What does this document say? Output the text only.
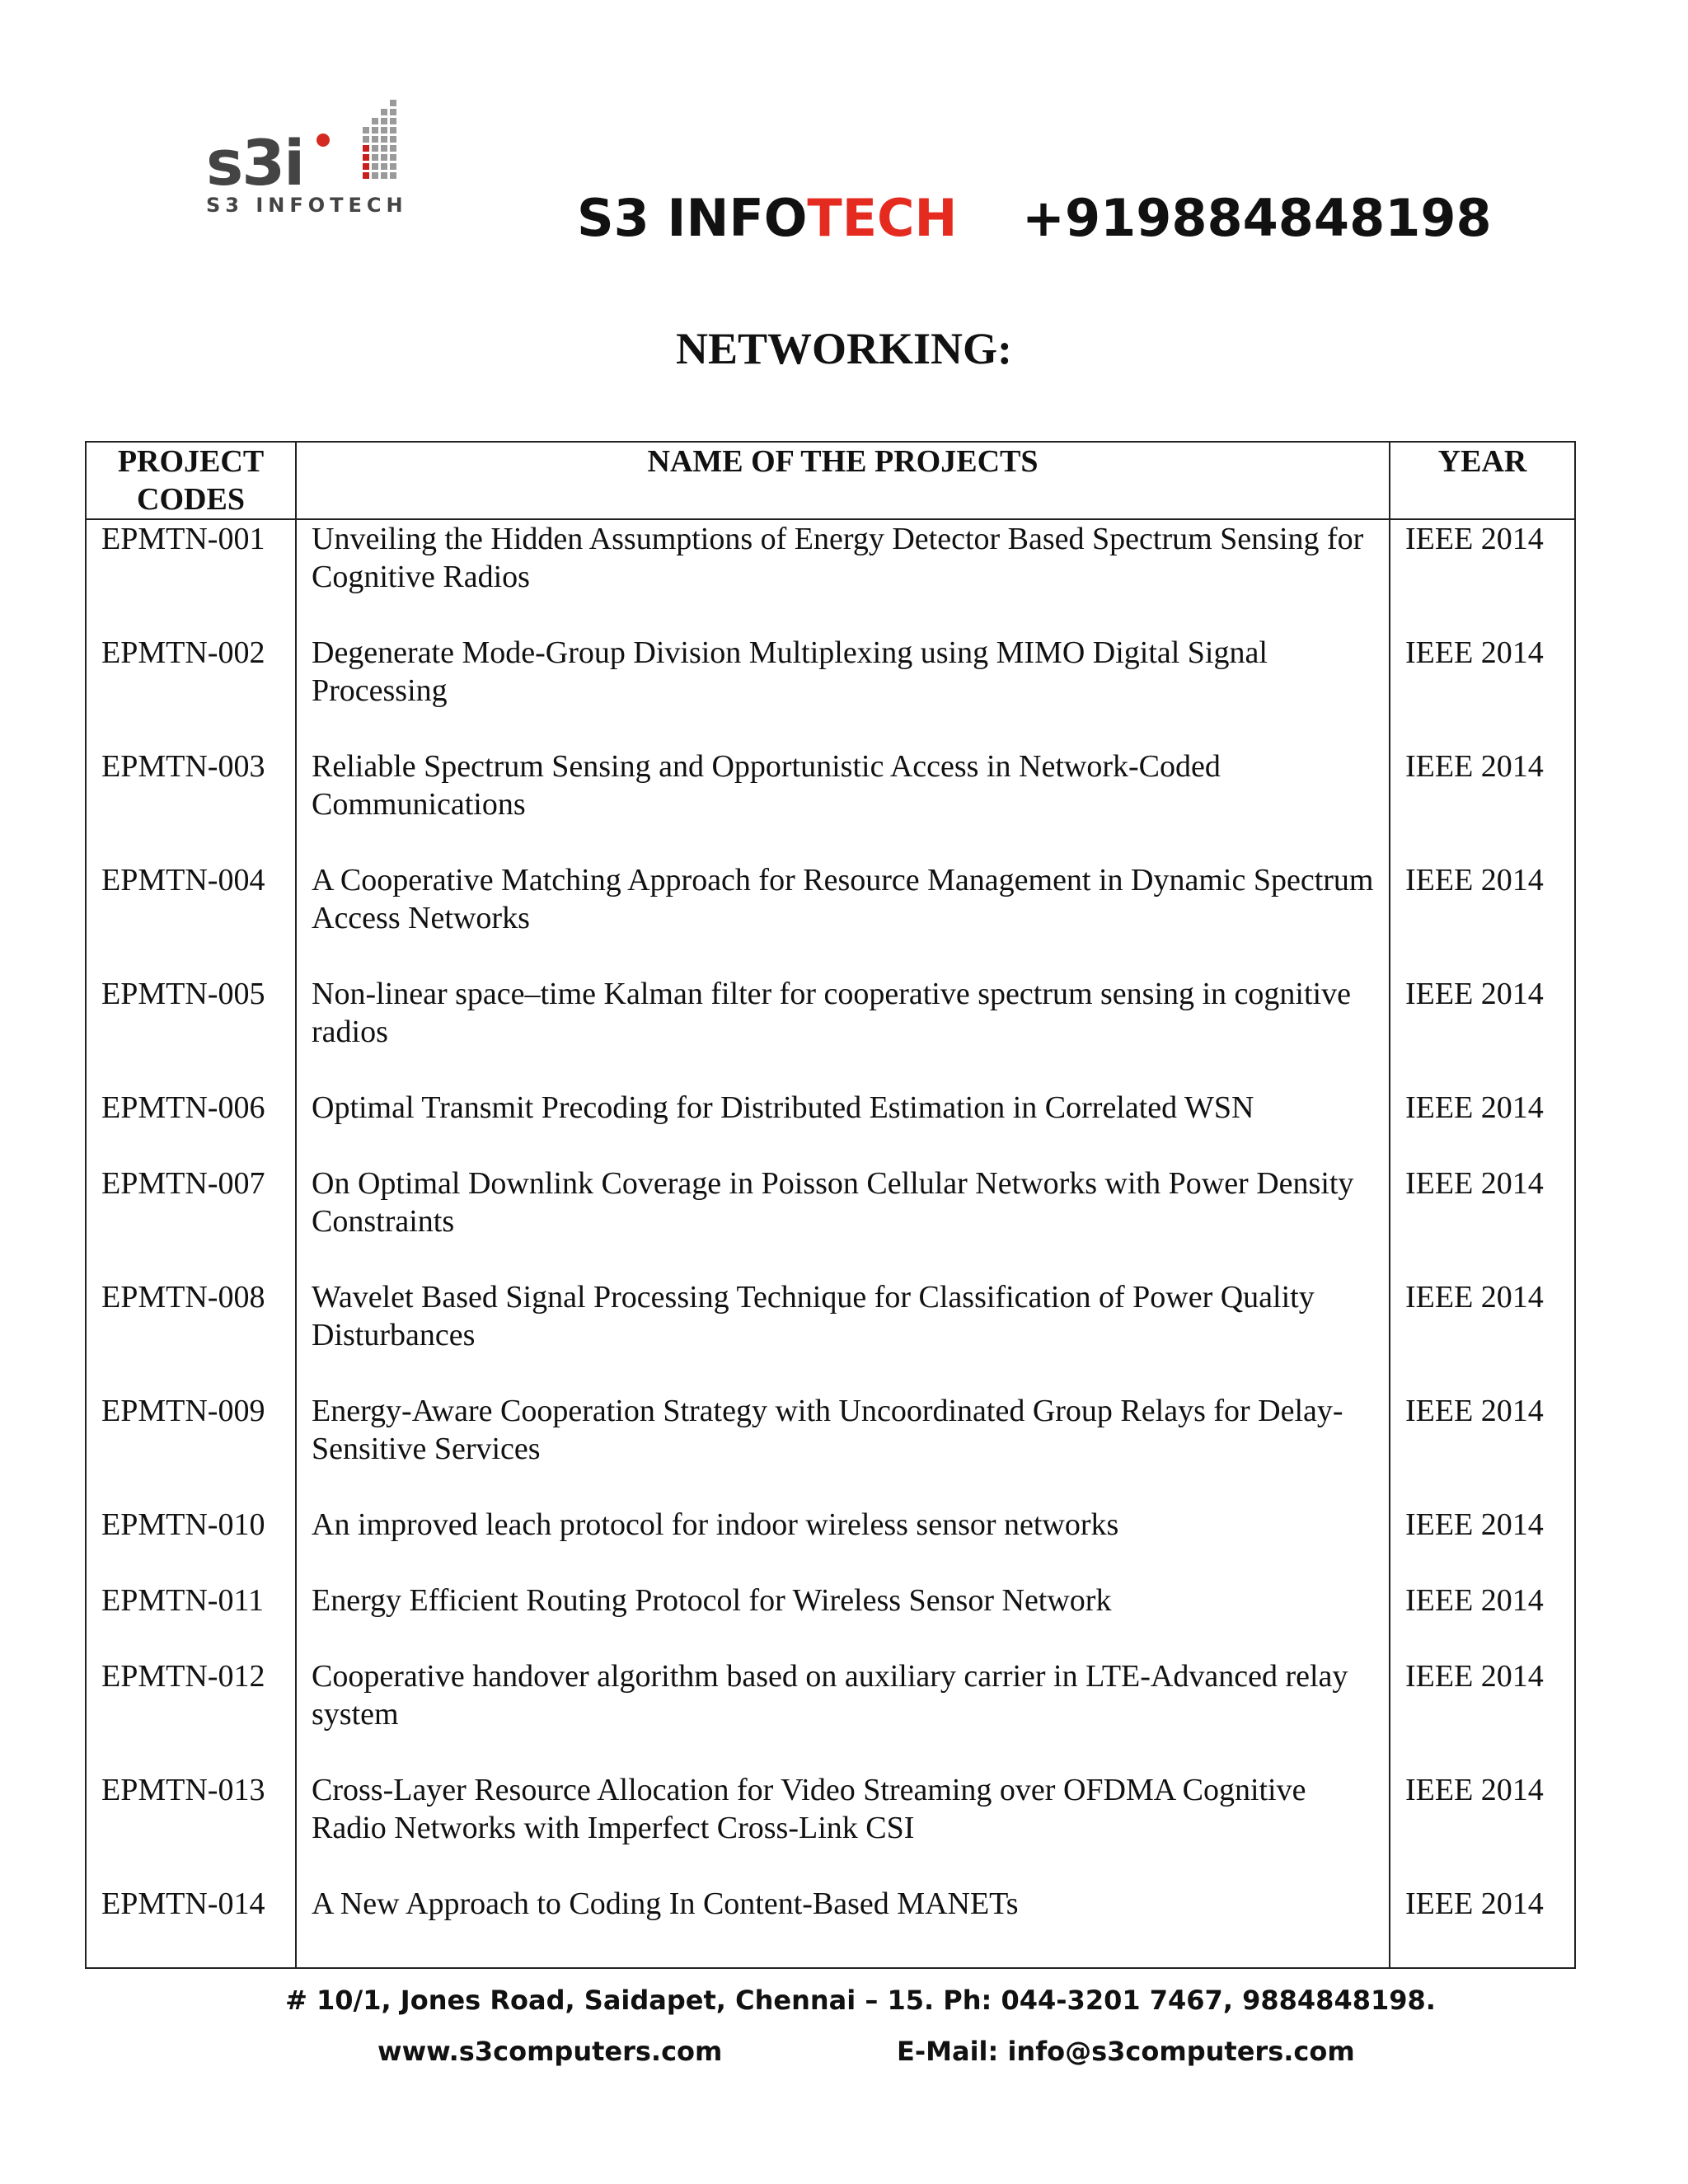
S3 INFOTECH
s3i
S3 INFOTECH +919884848198
NETWORKING:
PROJECT CODES	NAME OF THE PROJECTS	YEAR
EPMTN-001	Unveiling the Hidden Assumptions of Energy Detector Based Spectrum Sensing for Cognitive Radios	IEEE 2014
EPMTN-002	Degenerate Mode-Group Division Multiplexing using MIMO Digital Signal Processing	IEEE 2014
EPMTN-003	Reliable Spectrum Sensing and Opportunistic Access in Network-Coded Communications	IEEE 2014
EPMTN-004	A Cooperative Matching Approach for Resource Management in Dynamic Spectrum Access Networks	IEEE 2014
EPMTN-005	Non-linear space–time Kalman filter for cooperative spectrum sensing in cognitive radios	IEEE 2014
EPMTN-006	Optimal Transmit Precoding for Distributed Estimation in Correlated WSN	IEEE 2014
EPMTN-007	On Optimal Downlink Coverage in Poisson Cellular Networks with Power Density Constraints	IEEE 2014
EPMTN-008	Wavelet Based Signal Processing Technique for Classification of Power Quality Disturbances	IEEE 2014
EPMTN-009	Energy-Aware Cooperation Strategy with Uncoordinated Group Relays for Delay-Sensitive Services	IEEE 2014
EPMTN-010	An improved leach protocol for indoor wireless sensor networks	IEEE 2014
EPMTN-011	Energy Efficient Routing Protocol for Wireless Sensor Network	IEEE 2014
EPMTN-012	Cooperative handover algorithm based on auxiliary carrier in LTE-Advanced relay system	IEEE 2014
EPMTN-013	Cross-Layer Resource Allocation for Video Streaming over OFDMA Cognitive Radio Networks with Imperfect Cross-Link CSI	IEEE 2014
EPMTN-014	A New Approach to Coding In Content-Based MANETs	IEEE 2014
# 10/1, Jones Road, Saidapet, Chennai – 15. Ph: 044-3201 7467, 9884848198.
www.s3computers.com	E-Mail: info@s3computers.com
